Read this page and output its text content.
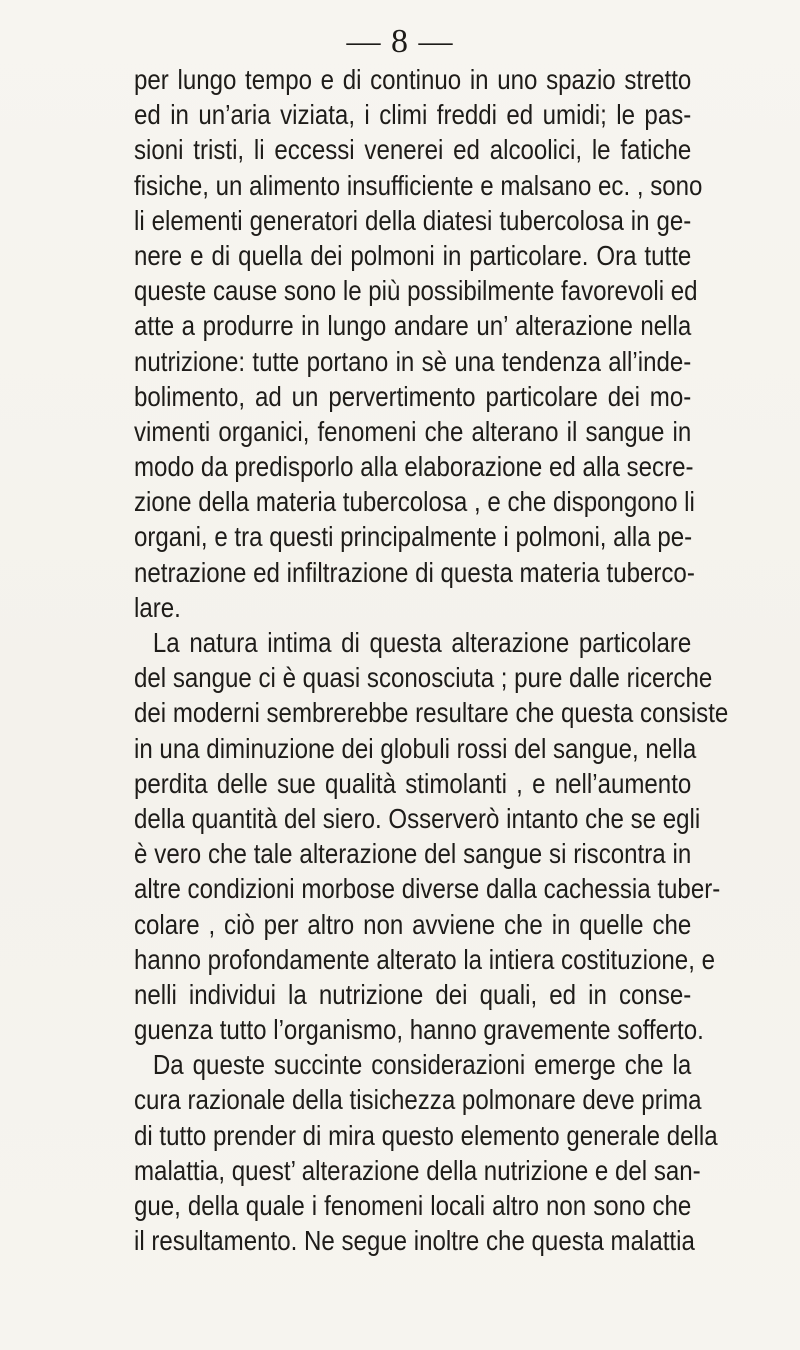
— 8 —
per lungo tempo e di continuo in uno spazio stretto
ed in un’aria viziata, i climi freddi ed umidi; le pas-
sioni tristi, li eccessi venerei ed alcoolici, le fatiche
fisiche, un alimento insufficiente e malsano ec. , sono
li elementi generatori della diatesi tubercolosa in ge-
nere e di quella dei polmoni in particolare. Ora tutte
queste cause sono le più possibilmente favorevoli ed
atte a produrre in lungo andare un’ alterazione nella
nutrizione: tutte portano in sè una tendenza all’inde-
bolimento, ad un pervertimento particolare dei mo-
vimenti organici, fenomeni che alterano il sangue in
modo da predisporlo alla elaborazione ed alla secre-
zione della materia tubercolosa , e che dispongono li
organi, e tra questi principalmente i polmoni, alla pe-
netrazione ed infiltrazione di questa materia tuberco-
lare.
La natura intima di questa alterazione particolare
del sangue ci è quasi sconosciuta ; pure dalle ricerche
dei moderni sembrerebbe resultare che questa consiste
in una diminuzione dei globuli rossi del sangue, nella
perdita delle sue qualità stimolanti , e nell’aumento
della quantità del siero. Osserverò intanto che se egli
è vero che tale alterazione del sangue si riscontra in
altre condizioni morbose diverse dalla cachessia tuber-
colare , ciò per altro non avviene che in quelle che
hanno profondamente alterato la intiera costituzione, e
nelli individui la nutrizione dei quali, ed in conse-
guenza tutto l’organismo, hanno gravemente sofferto.
Da queste succinte considerazioni emerge che la
cura razionale della tisichezza polmonare deve prima
di tutto prender di mira questo elemento generale della
malattia, quest’ alterazione della nutrizione e del san-
gue, della quale i fenomeni locali altro non sono che
il resultamento. Ne segue inoltre che questa malattia
